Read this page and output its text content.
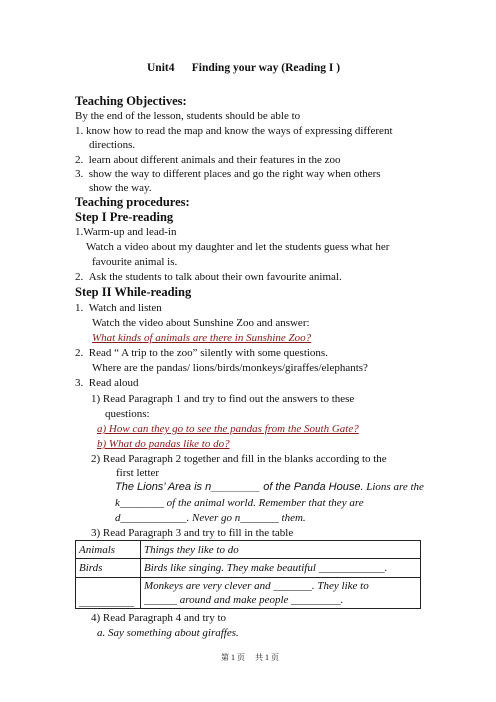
Unit4      Finding your way (Reading I )
Teaching Objectives:
By the end of the lesson, students should be able to
1. know how to read the map and know the ways of expressing different
directions.
2.  learn about different animals and their features in the zoo
3.  show the way to different places and go the right way when others
show the way.
Teaching procedures:
Step I Pre-reading
1.Warm-up and lead-in
Watch a video about my daughter and let the students guess what her
favourite animal is.
2.  Ask the students to talk about their own favourite animal.
Step II While-reading
1.  Watch and listen
Watch the video about Sunshine Zoo and answer:
What kinds of animals are there in Sunshine Zoo?
2.  Read “ A trip to the zoo” silently with some questions.
Where are the pandas/ lions/birds/monkeys/giraffes/elephants?
3.  Read aloud
1) Read Paragraph 1 and try to find out the answers to these
questions:
a) How can they go to see the pandas from the South Gate?
b) What do pandas like to do?
2) Read Paragraph 2 together and fill in the blanks according to the
first letter
The Lions’ Area is n________ of the Panda House. Lions are the
k________ of the animal world. Remember that they are
d____________. Never go n_______ them.
3) Read Paragraph 3 and try to fill in the table
Animals	Things they like to do
Birds	Birds like singing. They make beautiful ____________.
__________	Monkeys are very clever and _______. They like to
______ around and make people _________.
4) Read Paragraph 4 and try to
a. Say something about giraffes.
第 1 页     共 1 页
